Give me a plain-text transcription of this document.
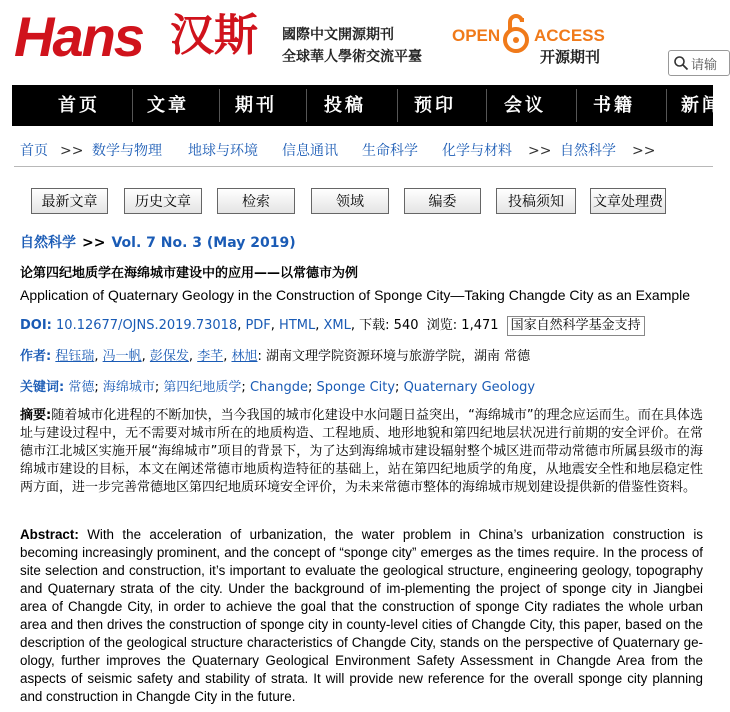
Hans 汉斯 國際中文開源期刊
全球華人學術交流平臺
OPEN ACCESS
开源期刊	请输
首页	文章	期刊	投稿	预印	会议	书籍	新闻
首页 >> 数学与物理 地球与环境 信息通讯 生命科学 化学与材料 >> 自然科学 >>
最新文章	历史文章	检索	领域	编委	投稿须知	文章处理费
自然科学 >> Vol. 7 No. 3 (May 2019)
论第四纪地质学在海绵城市建设中的应用——以常德市为例
Application of Quaternary Geology in the Construction of Sponge City—Taking Changde City as an Example
DOI: 10.12677/OJNS.2019.73018, PDF, HTML, XML, 下载: 540 浏览: 1,471 国家自然科学基金支持
作者: 程钰瑞, 冯一帆, 彭保发, 李芊, 林旭: 湖南文理学院资源环境与旅游学院，湖南 常德
关键词: 常德; 海绵城市; 第四纪地质学; Changde; Sponge City; Quaternary Geology
摘要:随着城市化进程的不断加快，当今我国的城市化建设中水问题日益突出，“海绵城市”的理念应运而生。而在具体选址与建设过程中，无不需要对城市所在的地质构造、工程地质、地形地貌和第四纪地层状况进行前期的安全评价。在常德市江北城区实施开展“海绵城市”项目的背景下，为了达到海绵城市建设辐射整个城区进而带动常德市所属县级市的海绵城市建设的目标，本文在阐述常德市地质构造特征的基础上，站在第四纪地质学的角度，从地震安全性和地层稳定性两方面，进一步完善常德地区第四纪地质环境安全评价，为未来常德市整体的海绵城市规划建设提供新的借鉴性资料。
Abstract: With the acceleration of urbanization, the water problem in China’s urbanization construction is becoming increasingly prominent, and the concept of “sponge city” emerges as the times require. In the process of site selection and construction, it’s important to evaluate the geological structure, engineering geology, topography and Quaternary strata of the city. Under the background of im-plementing the project of sponge city in Jiangbei area of Changde City, in order to achieve the goal that the construction of sponge City radiates the whole urban area and then drives the construction of sponge city in county-level cities of Changde City, this paper, based on the description of the geological structure characteristics of Changde City, stands on the perspective of Quaternary ge-ology, further improves the Quaternary Geological Environment Safety Assessment in Changde Area from the aspects of seismic safety and stability of strata. It will provide new reference for the overall sponge city planning and construction in Changde City in the future.
